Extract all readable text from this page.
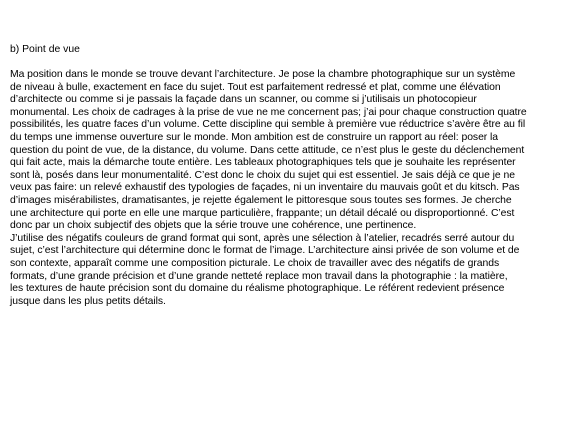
b) Point de vue
Ma position dans le monde se trouve devant l’architecture. Je pose la chambre photographique sur un système
de niveau à bulle, exactement en face du sujet. Tout est parfaitement redressé et plat, comme une élévation
d’architecte ou comme si je passais la façade dans un scanner, ou comme si j’utilisais un photocopieur
monumental. Les choix de cadrages à la prise de vue ne me concernent pas; j’ai pour chaque construction quatre
possibilités, les quatre faces d’un volume. Cette discipline qui semble à première vue réductrice s’avère être au fil
du temps une immense ouverture sur le monde. Mon ambition est de construire un rapport au réel: poser la
question du point de vue, de la distance, du volume. Dans cette attitude, ce n’est plus le geste du déclenchement
qui fait acte, mais la démarche toute entière. Les tableaux photographiques tels que je souhaite les représenter
sont là, posés dans leur monumentalité. C’est donc le choix du sujet qui est essentiel. Je sais déjà ce que je ne
veux pas faire: un relevé exhaustif des typologies de façades, ni un inventaire du mauvais goût et du kitsch. Pas
d’images misérabilistes, dramatisantes, je rejette également le pittoresque sous toutes ses formes. Je cherche
une architecture qui porte en elle une marque particulière, frappante; un détail décalé ou disproportionné. C’est
donc par un choix subjectif des objets que la série trouve une cohérence, une pertinence.
J’utilise des négatifs couleurs de grand format qui sont, après une sélection à l’atelier, recadrés serré autour du
sujet, c’est l’architecture qui détermine donc le format de l’image. L’architecture ainsi privée de son volume et de
son contexte, apparaît comme une composition picturale. Le choix de travailler avec des négatifs de grands
formats, d’une grande précision et d’une grande netteté replace mon travail dans la photographie : la matière,
les textures de haute précision sont du domaine du réalisme photographique. Le référent redevient présence
jusque dans les plus petits détails.
